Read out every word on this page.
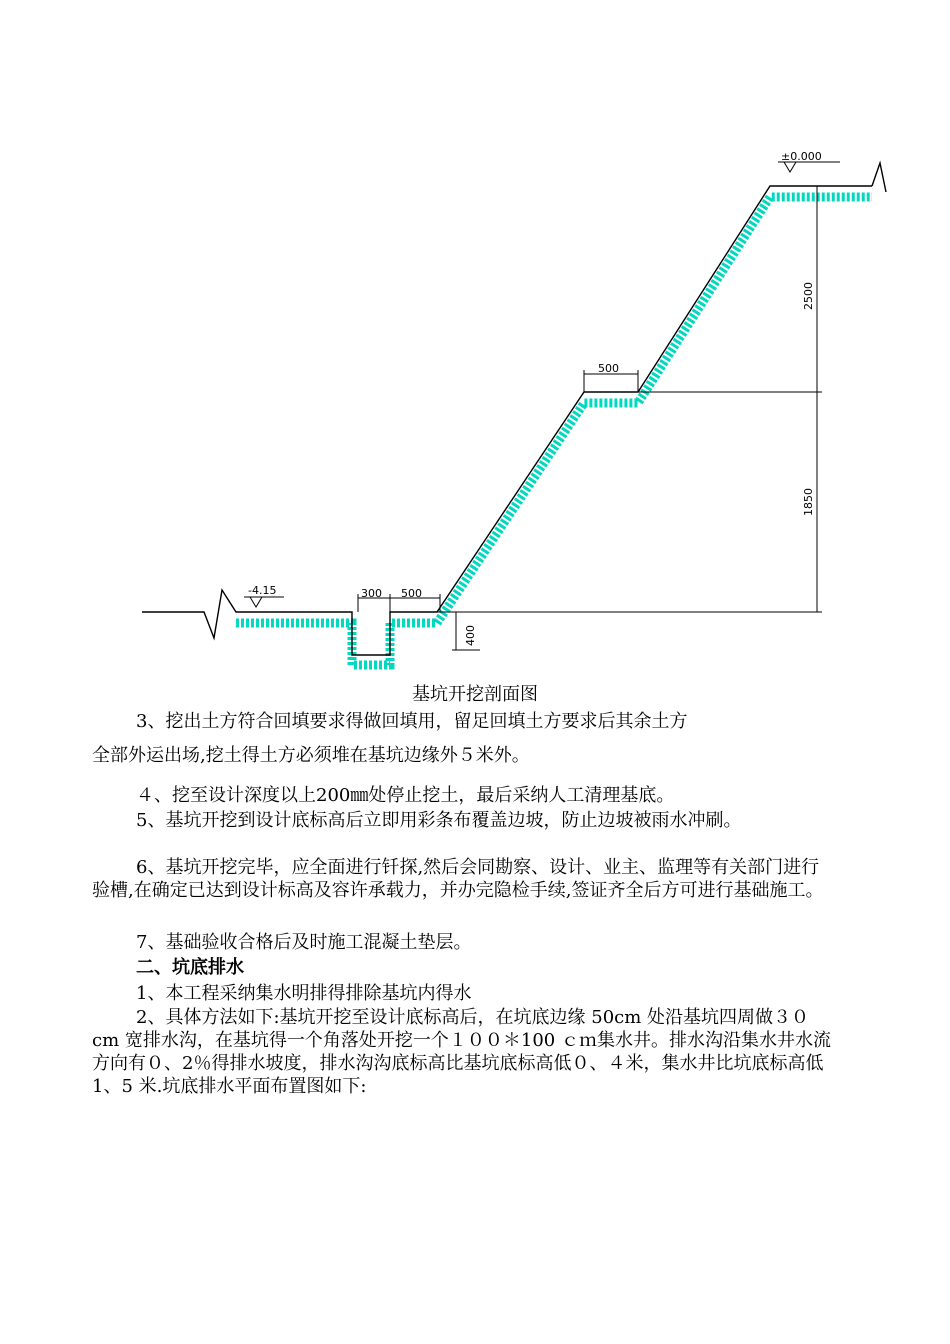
±0.000
-4.15
2500
1850
500
300 500
400
基坑开挖剖面图

3、挖出土方符合回填要求得做回填用，留足回填土方要求后其余土方

全部外运出场,挖土得土方必须堆在基坑边缘外５米外。

４、挖至设计深度以上200㎜处停止挖土，最后采纳人工清理基底。

5、基坑开挖到设计底标高后立即用彩条布覆盖边坡，防止边坡被雨水冲刷。

6、基坑开挖完毕，应全面进行钎探,然后会同勘察、设计、业主、监理等有关部门进行验槽,在确定已达到设计标高及容许承载力，并办完隐检手续,签证齐全后方可进行基础施工。

7、基础验收合格后及时施工混凝土垫层。

二、坑底排水

1、本工程采纳集水明排得排除基坑内得水

2、具体方法如下:基坑开挖至设计底标高后，在坑底边缘 50cm 处沿基坑四周做３０cm 宽排水沟，在基坑得一个角落处开挖一个１００＊100 ｃｍ集水井。排水沟沿集水井水流方向有０、2％得排水坡度，排水沟沟底标高比基坑底标高低０、４米，集水井比坑底标高低 1、5 米.坑底排水平面布置图如下:
